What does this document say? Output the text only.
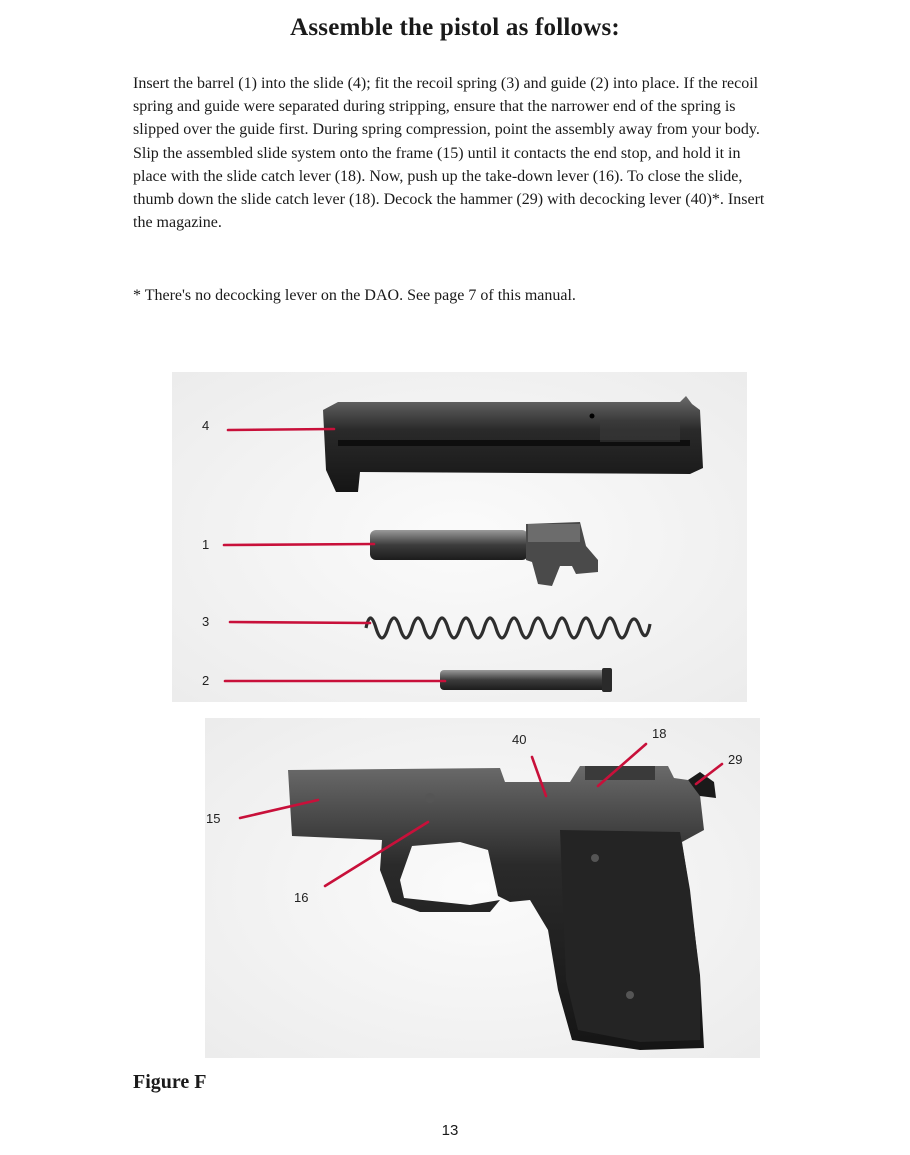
Assemble the pistol as follows:

Insert the barrel (1) into the slide (4); fit the recoil spring (3) and guide (2) into place. If the recoil spring and guide were separated during stripping, ensure that the narrower end of the spring is slipped over the guide first. During spring compression, point the assembly away from your body. Slip the assembled slide system onto the frame (15) until it contacts the end stop, and hold it in place with the slide catch lever (18). Now, push up the take-down lever (16). To close the slide, thumb down the slide catch lever (18). Decock the hammer (29) with decocking lever (40)*. Insert the magazine.

* There's no decocking lever on the DAO. See page 7 of this manual.

4
1
3
2
15
16
40	18
29
Figure F
13
